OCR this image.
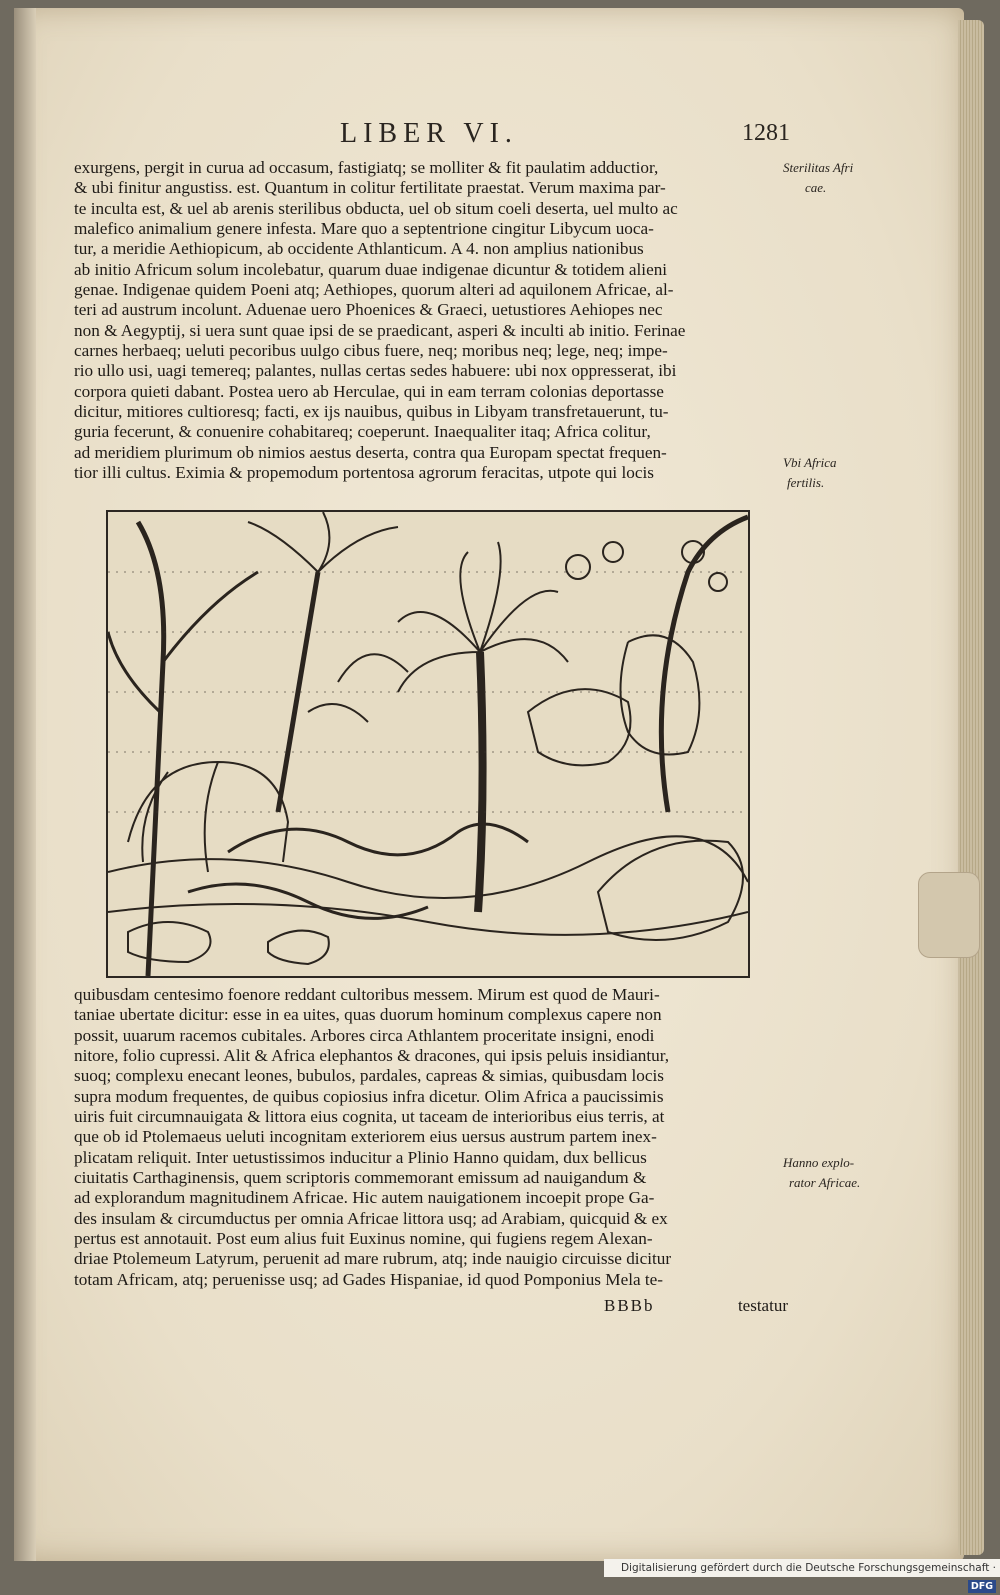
LIBER VI.	1281
exurgens, pergit in curua ad occasum, fastigiatq; se molliter & fit paulatim adductior,
& ubi finitur angustiss. est. Quantum in colitur fertilitate praestat. Verum maxima par-
te inculta est, & uel ab arenis sterilibus obducta, uel ob situm coeli deserta, uel multo ac
malefico animalium genere infesta. Mare quo a septentrione cingitur Libycum uoca-
tur, a meridie Aethiopicum, ab occidente Athlanticum. A 4. non amplius nationibus
ab initio Africum solum incolebatur, quarum duae indigenae dicuntur & totidem alieni
genae. Indigenae quidem Poeni atq; Aethiopes, quorum alteri ad aquilonem Africae, al-
teri ad austrum incolunt. Aduenae uero Phoenices & Graeci, uetustiores Aehiopes nec
non & Aegyptij, si uera sunt quae ipsi de se praedicant, asperi & inculti ab initio. Ferinae
carnes herbaeq; ueluti pecoribus uulgo cibus fuere, neq; moribus neq; lege, neq; impe-
rio ullo usi, uagi temereq; palantes, nullas certas sedes habuere: ubi nox oppresserat, ibi
corpora quieti dabant. Postea uero ab Herculae, qui in eam terram colonias deportasse
dicitur, mitiores cultioresq; facti, ex ijs nauibus, quibus in Libyam transfretauerunt, tu-
guria fecerunt, & conuenire cohabitareq; coeperunt. Inaequaliter itaq; Africa colitur,
ad meridiem plurimum ob nimios aestus deserta, contra qua Europam spectat frequen-
tior illi cultus. Eximia & propemodum portentosa agrorum feracitas, utpote qui locis
Sterilitas Afri
cae.
Vbi Africa
fertilis.
quibusdam centesimo foenore reddant cultoribus messem. Mirum est quod de Mauri-
taniae ubertate dicitur: esse in ea uites, quas duorum hominum complexus capere non
possit, uuarum racemos cubitales. Arbores circa Athlantem proceritate insigni, enodi
nitore, folio cupressi. Alit & Africa elephantos & dracones, qui ipsis peluis insidiantur,
suoq; complexu enecant leones, bubulos, pardales, capreas & simias, quibusdam locis
supra modum frequentes, de quibus copiosius infra dicetur. Olim Africa a paucissimis
uiris fuit circumnauigata & littora eius cognita, ut taceam de interioribus eius terris, at
que ob id Ptolemaeus ueluti incognitam exteriorem eius uersus austrum partem inex-
plicatam reliquit. Inter uetustissimos inducitur a Plinio Hanno quidam, dux bellicus
ciuitatis Carthaginensis, quem scriptoris commemorant emissum ad nauigandum &
ad explorandum magnitudinem Africae. Hic autem nauigationem incoepit prope Ga-
des insulam & circumductus per omnia Africae littora usq; ad Arabiam, quicquid & ex
pertus est annotauit. Post eum alius fuit Euxinus nomine, qui fugiens regem Alexan-
driae Ptolemeum Latyrum, peruenit ad mare rubrum, atq; inde nauigio circuisse dicitur
totam Africam, atq; peruenisse usq; ad Gades Hispaniae, id quod Pomponius Mela te-
Hanno explo-
rator Africae.
BBBb	testatur
Digitalisierung gefördert durch die Deutsche Forschungsgemeinschaft ·DFG
